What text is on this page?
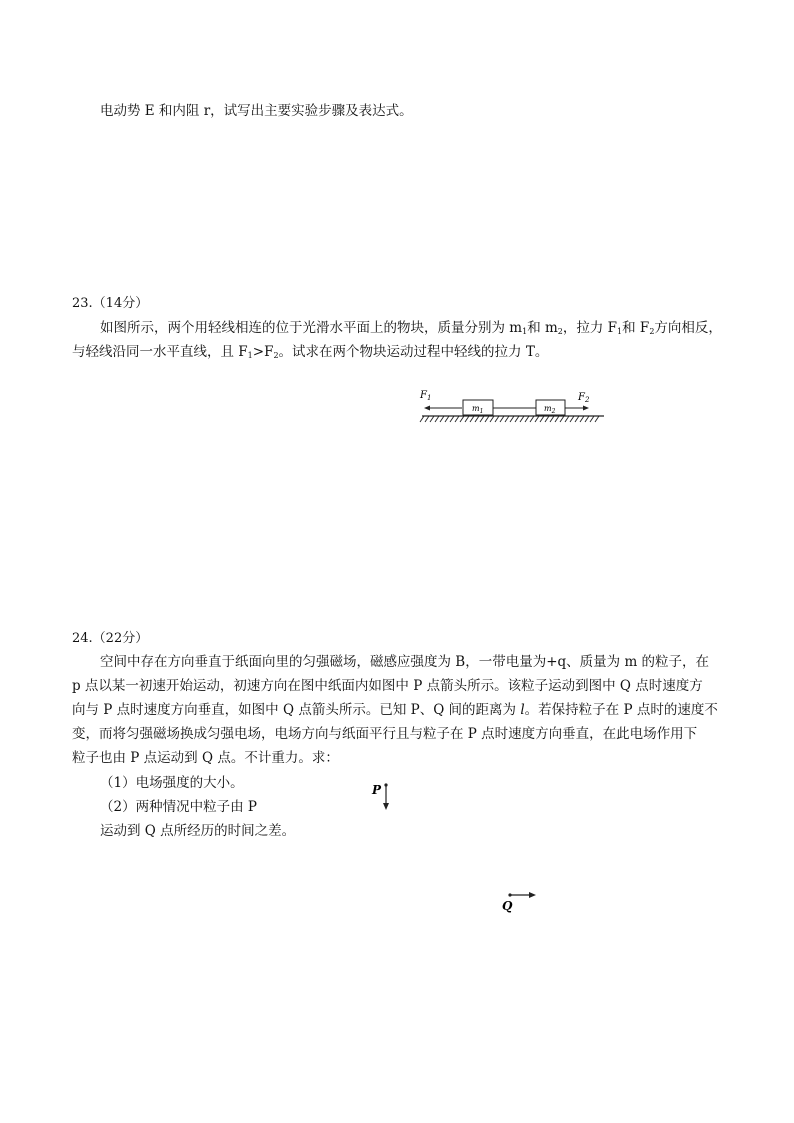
电动势 E 和内阻 r，试写出主要实验步骤及表达式。
23.（14分）
如图所示，两个用轻线相连的位于光滑水平面上的物块，质量分别为 $m_1$和 $m_2$，拉力 $F_1$和 $F_2$方向相反，
与轻线沿同一水平直线，且 $F_1>F_2$。试求在两个物块运动过程中轻线的拉力 T。
$F_1$
$m_1$	$m_2$
$F_2$
24.（22分）
空间中存在方向垂直于纸面向里的匀强磁场，磁感应强度为 B，一带电量为+q、质量为 m 的粒子，在
p 点以某一初速开始运动，初速方向在图中纸面内如图中 P 点箭头所示。该粒子运动到图中 Q 点时速度方
向与 P 点时速度方向垂直，如图中 Q 点箭头所示。已知 P、Q 间的距离为 l。若保持粒子在 P 点时的速度不
变，而将匀强磁场换成匀强电场，电场方向与纸面平行且与粒子在 P 点时速度方向垂直，在此电场作用下
粒子也由 P 点运动到 Q 点。不计重力。求：
（1）电场强度的大小。
（2）两种情况中粒子由 P
运动到 Q 点所经历的时间之差。
P
Q
